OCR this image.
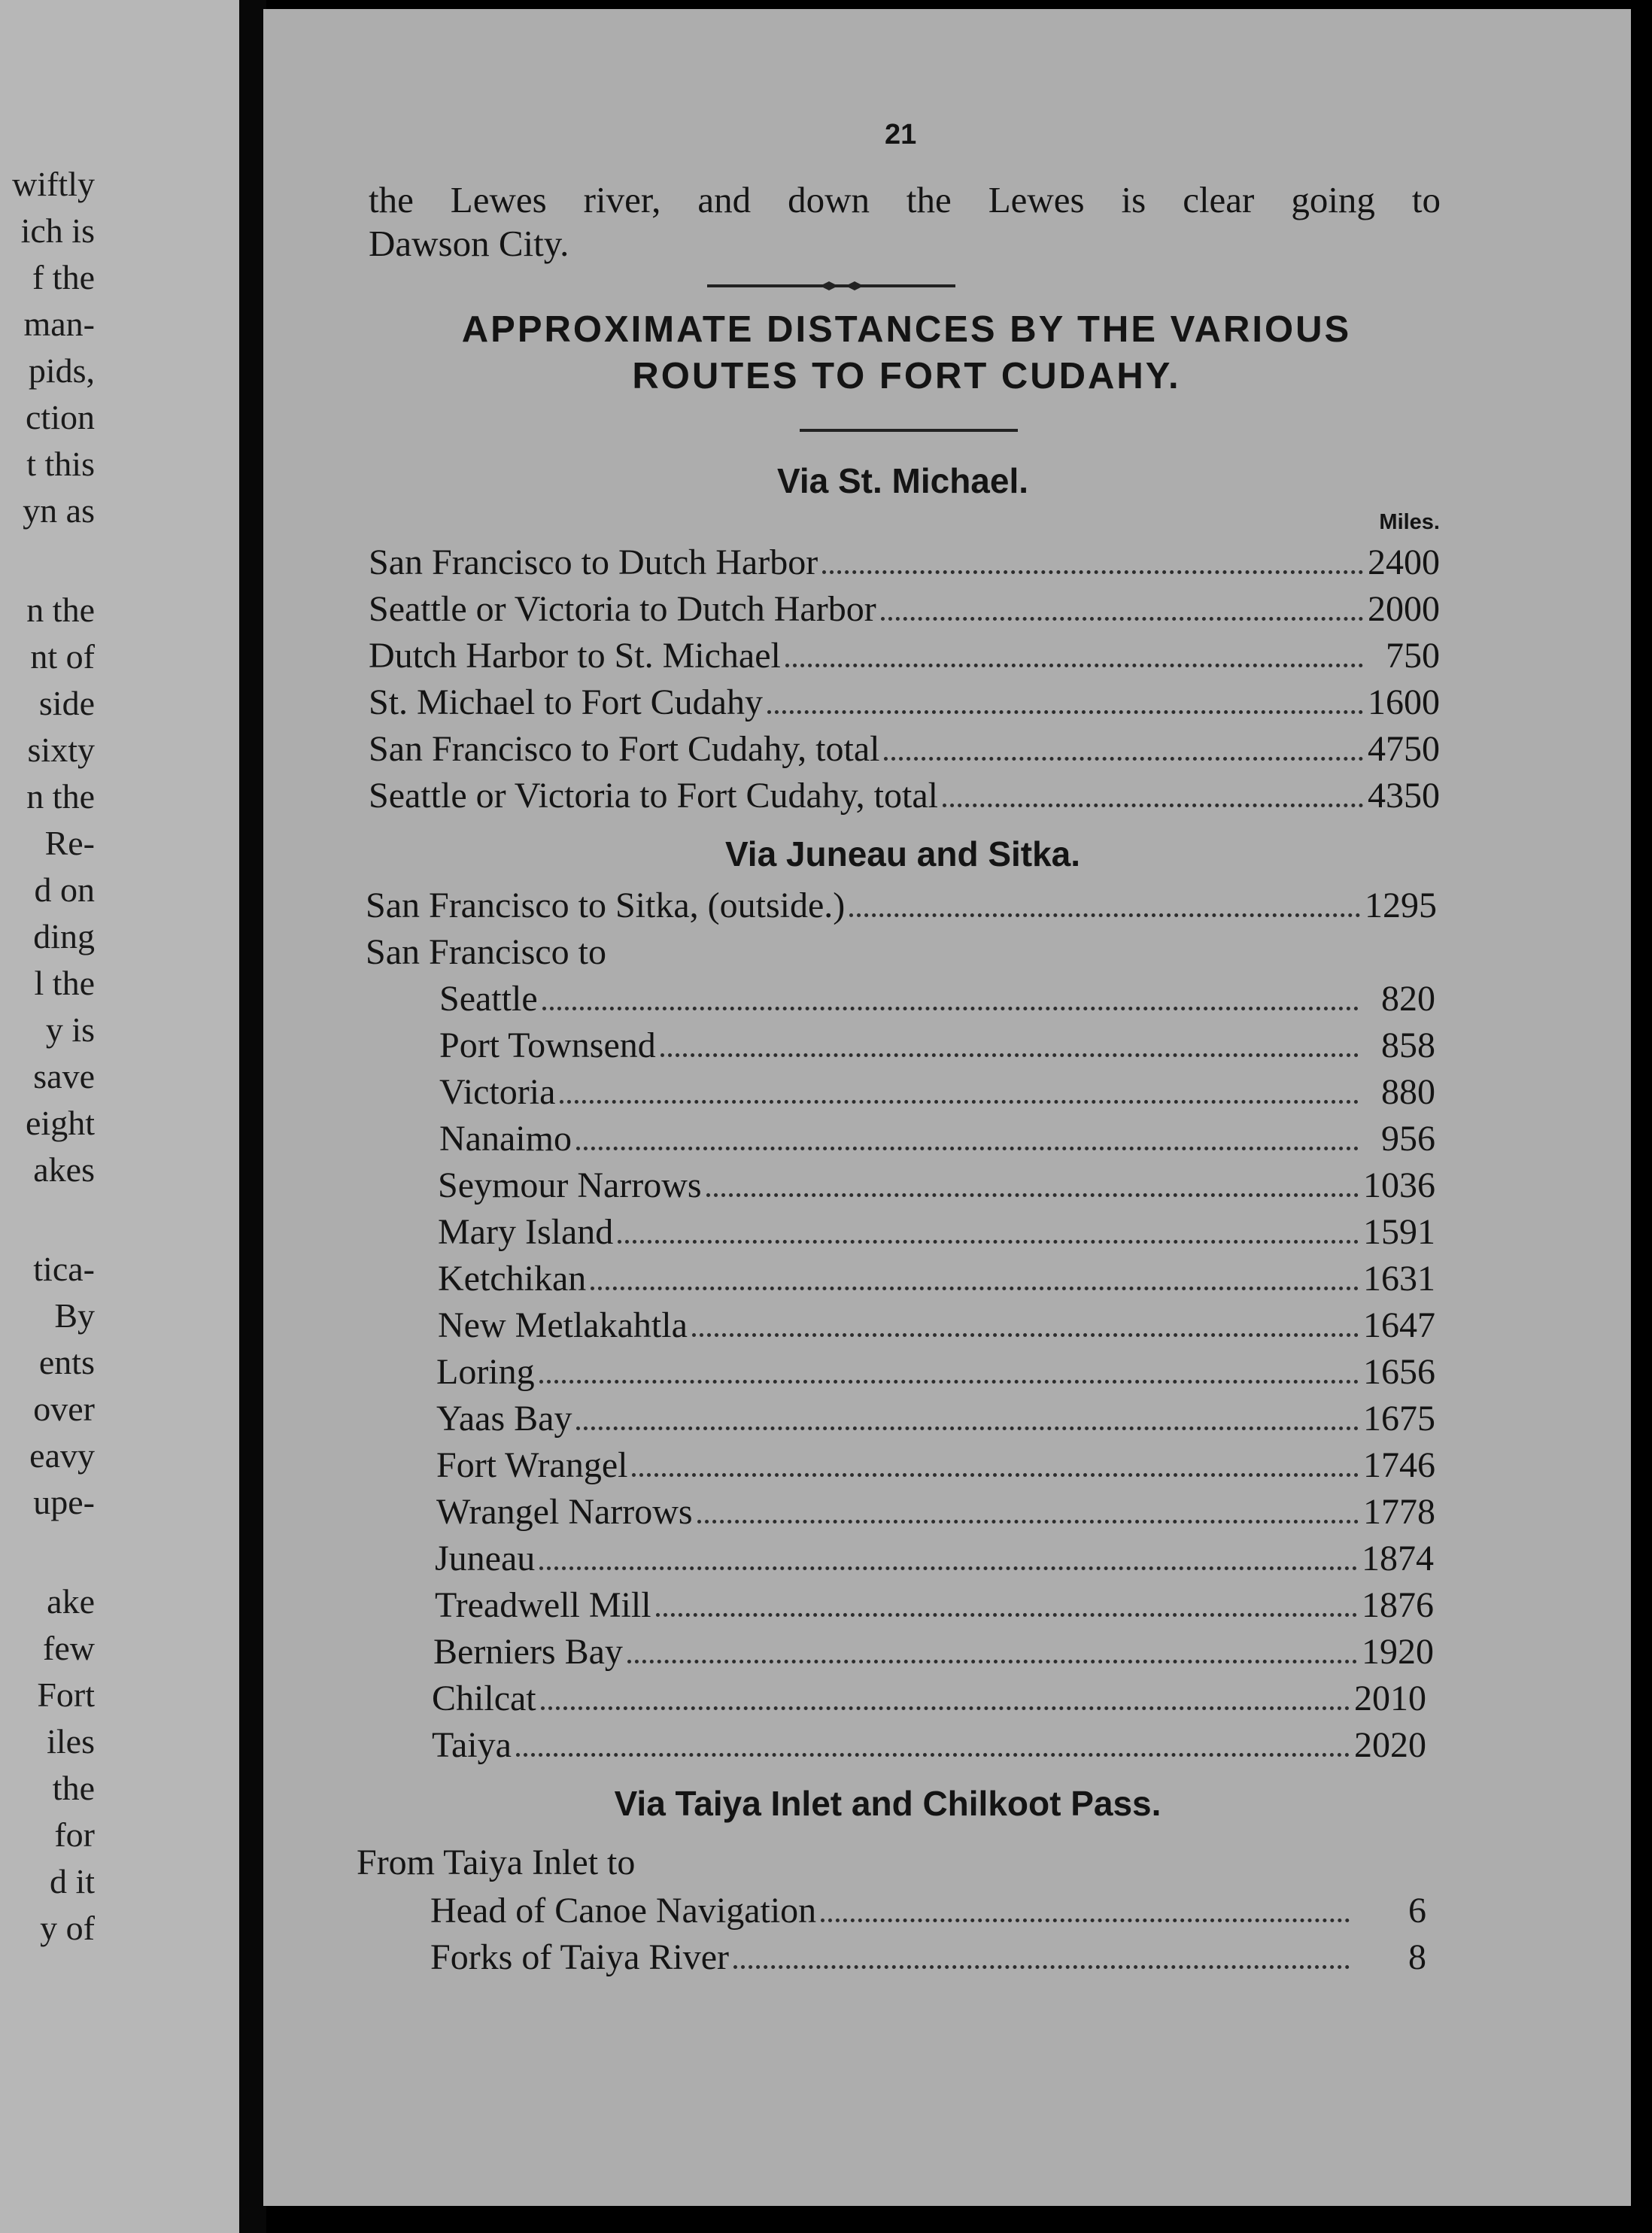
wiftly
ich is
f the
man-
pids,
ction
t this
yn as
n the
nt of
side
sixty
n the
Re-
d on
ding
l the
y is
save
eight
akes
tica-
By
ents
over
eavy
upe-
ake
few
Fort
iles
the
for
d it
y of
21
the Lewes river, and down the Lewes is clear going to
Dawson City.
APPROXIMATE DISTANCES BY THE VARIOUS
ROUTES TO FORT CUDAHY.
Via St. Michael.
Miles.
San Francisco to Dutch Harbor	2400
Seattle or Victoria to Dutch Harbor	2000
Dutch Harbor to St. Michael	750
St. Michael to Fort Cudahy	1600
San Francisco to Fort Cudahy, total	4750
Seattle or Victoria to Fort Cudahy, total	4350
Via Juneau and Sitka.
San Francisco to Sitka, (outside.)	1295
San Francisco to
Seattle	820
Port Townsend	858
Victoria	880
Nanaimo	956
Seymour Narrows	1036
Mary Island	1591
Ketchikan	1631
New Metlakahtla	1647
Loring	1656
Yaas Bay	1675
Fort Wrangel	1746
Wrangel Narrows	1778
Juneau	1874
Treadwell Mill	1876
Berniers Bay	1920
Chilcat	2010
Taiya	2020
Via Taiya Inlet and Chilkoot Pass.
From Taiya Inlet to
Head of Canoe Navigation	6
Forks of Taiya River	8
